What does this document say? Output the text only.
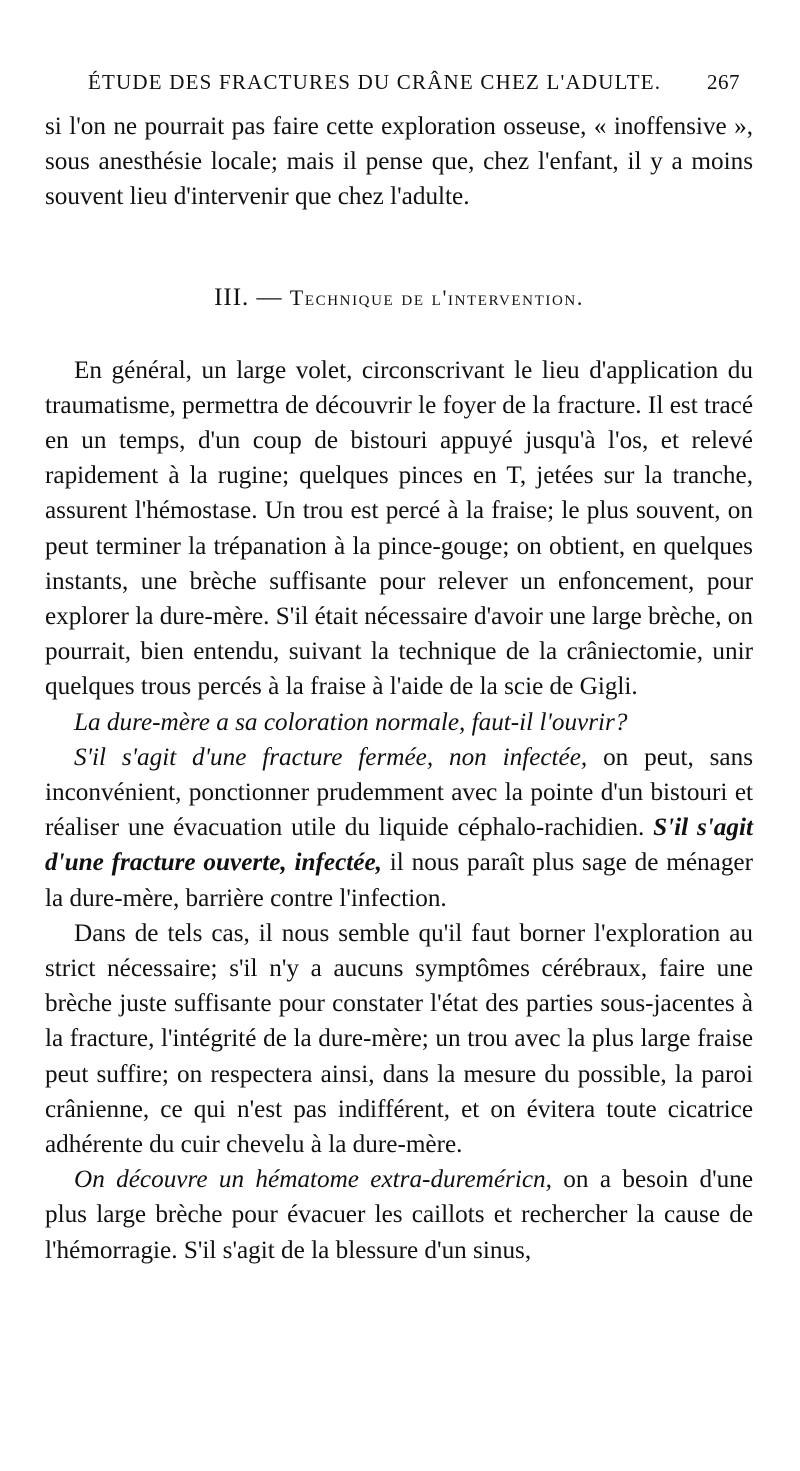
ÉTUDE DES FRACTURES DU CRÂNE CHEZ L'ADULTE. 267

si l'on ne pourrait pas faire cette exploration osseuse, « inoffensive », sous anesthésie locale; mais il pense que, chez l'enfant, il y a moins souvent lieu d'intervenir que chez l'adulte.

III. — Technique de l'intervention.

En général, un large volet, circonscrivant le lieu d'application du traumatisme, permettra de découvrir le foyer de la fracture. Il est tracé en un temps, d'un coup de bistouri appuyé jusqu'à l'os, et relevé rapidement à la rugine; quelques pinces en T, jetées sur la tranche, assurent l'hémostase. Un trou est percé à la fraise; le plus souvent, on peut terminer la trépanation à la pince-gouge; on obtient, en quelques instants, une brèche suffisante pour relever un enfoncement, pour explorer la dure-mère. S'il était nécessaire d'avoir une large brèche, on pourrait, bien entendu, suivant la technique de la crâniectomie, unir quelques trous percés à la fraise à l'aide de la scie de Gigli.

La dure-mère a sa coloration normale, faut-il l'ouvrir?

S'il s'agit d'une fracture fermée, non infectée, on peut, sans inconvénient, ponctionner prudemment avec la pointe d'un bistouri et réaliser une évacuation utile du liquide céphalo-rachidien. S'il s'agit d'une fracture ouverte, infectée, il nous paraît plus sage de ménager la dure-mère, barrière contre l'infection.

Dans de tels cas, il nous semble qu'il faut borner l'exploration au strict nécessaire; s'il n'y a aucuns symptômes cérébraux, faire une brèche juste suffisante pour constater l'état des parties sous-jacentes à la fracture, l'intégrité de la dure-mère; un trou avec la plus large fraise peut suffire; on respectera ainsi, dans la mesure du possible, la paroi crânienne, ce qui n'est pas indifférent, et on évitera toute cicatrice adhérente du cuir chevelu à la dure-mère.

On découvre un hématome extra-dureméricn, on a besoin d'une plus large brèche pour évacuer les caillots et rechercher la cause de l'hémorragie. S'il s'agit de la blessure d'un sinus,
